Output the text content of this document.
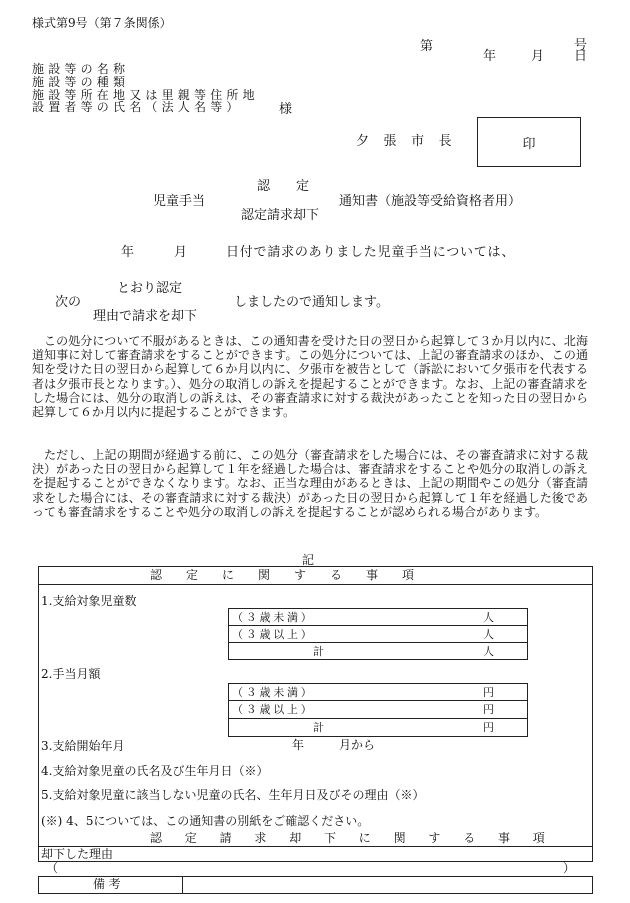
様式第9号（第７条関係）
第	号
年	月 日
施設等の名称
施設等の種類
施設等所在地又は里親等住所地
設置者等の氏名（法人名等）	様
夕 張 市 長	印
認　　定
児童手当	通知書（施設等受給資格者用）
認定請求却下
年	月	日付で請求のありました児童手当については、
とおり認定
次の	しましたので通知します。
理由で請求を却下
この処分について不服があるときは、この通知書を受けた日の翌日から起算して３か月以内に、北海道知事に対して審査請求をすることができます。この処分については、上記の審査請求のほか、この通知を受けた日の翌日から起算して６か月以内に、夕張市を被告として（訴訟において夕張市を代表する者は夕張市長となります。）、処分の取消しの訴えを提起することができます。なお、上記の審査請求をした場合には、処分の取消しの訴えは、その審査請求に対する裁決があったことを知った日の翌日から起算して６か月以内に提起することができます。
ただし、上記の期間が経過する前に、この処分（審査請求をした場合には、その審査請求に対する裁決）があった日の翌日から起算して１年を経過した場合は、審査請求をすることや処分の取消しの訴えを提起することができなくなります。なお、正当な理由があるときは、上記の期間やこの処分（審査請求をした場合には、その審査請求に対する裁決）があった日の翌日から起算して１年を経過した後であっても審査請求をすることや処分の取消しの訴えを提起することが認められる場合があります。
記
認　定　に　関　す　る　事　項
1.支給対象児童数
（３歳未満）	人
（３歳以上）	人
計	人
2.手当月額
（３歳未満）	円
（３歳以上）	円
計	円
3.支給開始年月	年	月から
4.支給対象児童の氏名及び生年月日（※）
5.支給対象児童に該当しない児童の氏名、生年月日及びその理由（※）
(※) 4、5については、この通知書の別紙をご確認ください。
認　定　請　求　却　下　に　関　す　る　事　項
却下した理由
（	）
備考
